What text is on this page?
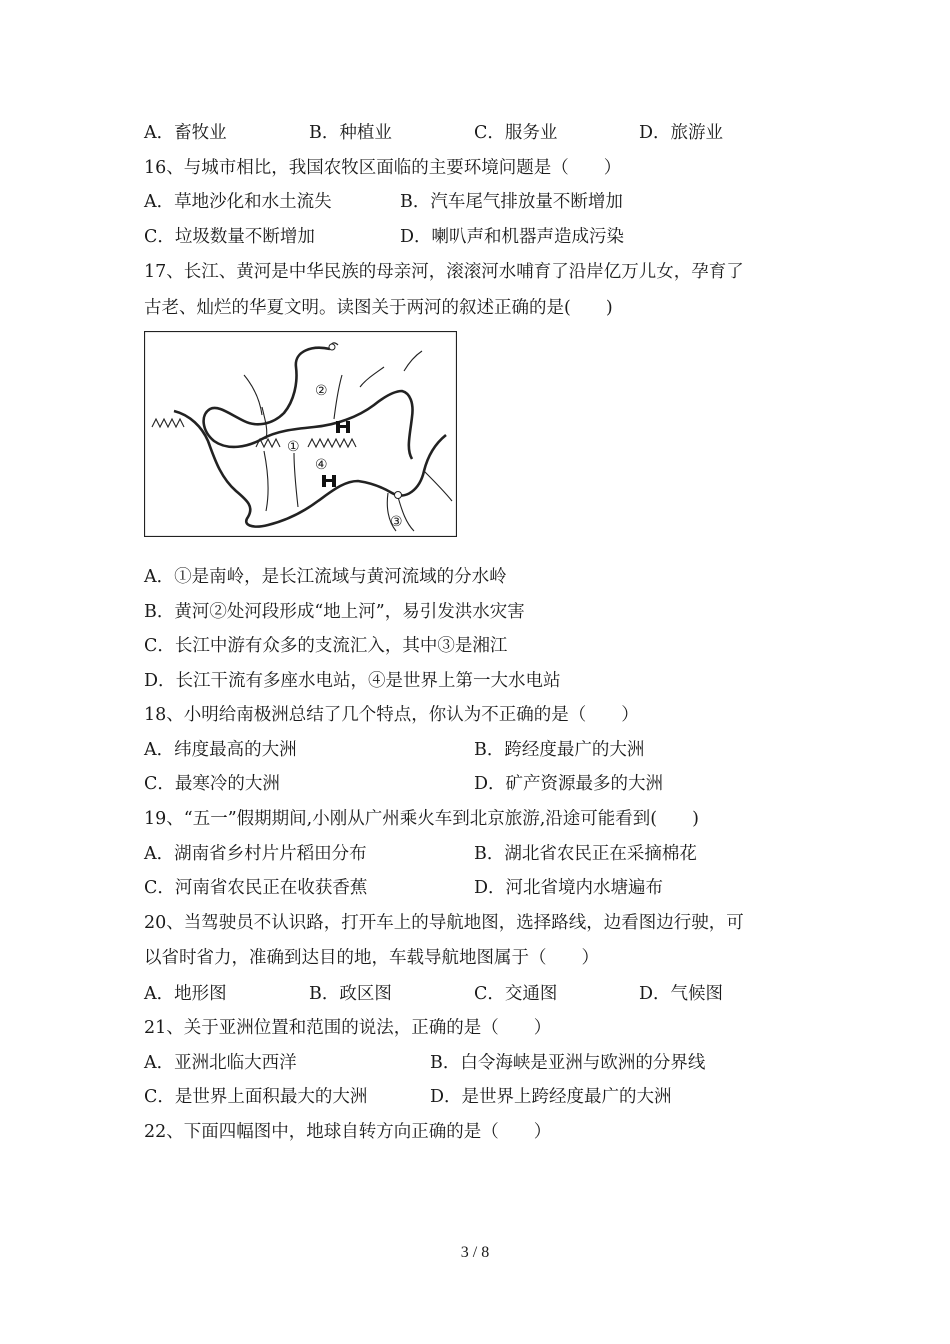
A．畜牧业	B．种植业	C．服务业	D．旅游业
16、与城市相比，我国农牧区面临的主要环境问题是（　　）
A．草地沙化和水土流失	B．汽车尾气排放量不断增加
C．垃圾数量不断增加	D．喇叭声和机器声造成污染
17、长江、黄河是中华民族的母亲河，滚滚河水哺育了沿岸亿万儿女，孕育了
古老、灿烂的华夏文明。读图关于两河的叙述正确的是(　　)
①
②
③
④
A．①是南岭，是长江流域与黄河流域的分水岭
B．黄河②处河段形成“地上河”，易引发洪水灾害
C．长江中游有众多的支流汇入，其中③是湘江
D．长江干流有多座水电站，④是世界上第一大水电站
18、小明给南极洲总结了几个特点，你认为不正确的是（　　）
A．纬度最高的大洲	B．跨经度最广的大洲
C．最寒冷的大洲	D．矿产资源最多的大洲
19、“五一”假期期间,小刚从广州乘火车到北京旅游,沿途可能看到(　　)
A．湖南省乡村片片稻田分布	B．湖北省农民正在采摘棉花
C．河南省农民正在收获香蕉	D．河北省境内水塘遍布
20、当驾驶员不认识路，打开车上的导航地图，选择路线，边看图边行驶，可
以省时省力，准确到达目的地，车载导航地图属于（　　）
A．地形图	B．政区图	C．交通图	D．气候图
21、关于亚洲位置和范围的说法，正确的是（　　）
A．亚洲北临大西洋	B．白令海峡是亚洲与欧洲的分界线
C．是世界上面积最大的大洲	D．是世界上跨经度最广的大洲
22、下面四幅图中，地球自转方向正确的是（　　）
3 / 8
